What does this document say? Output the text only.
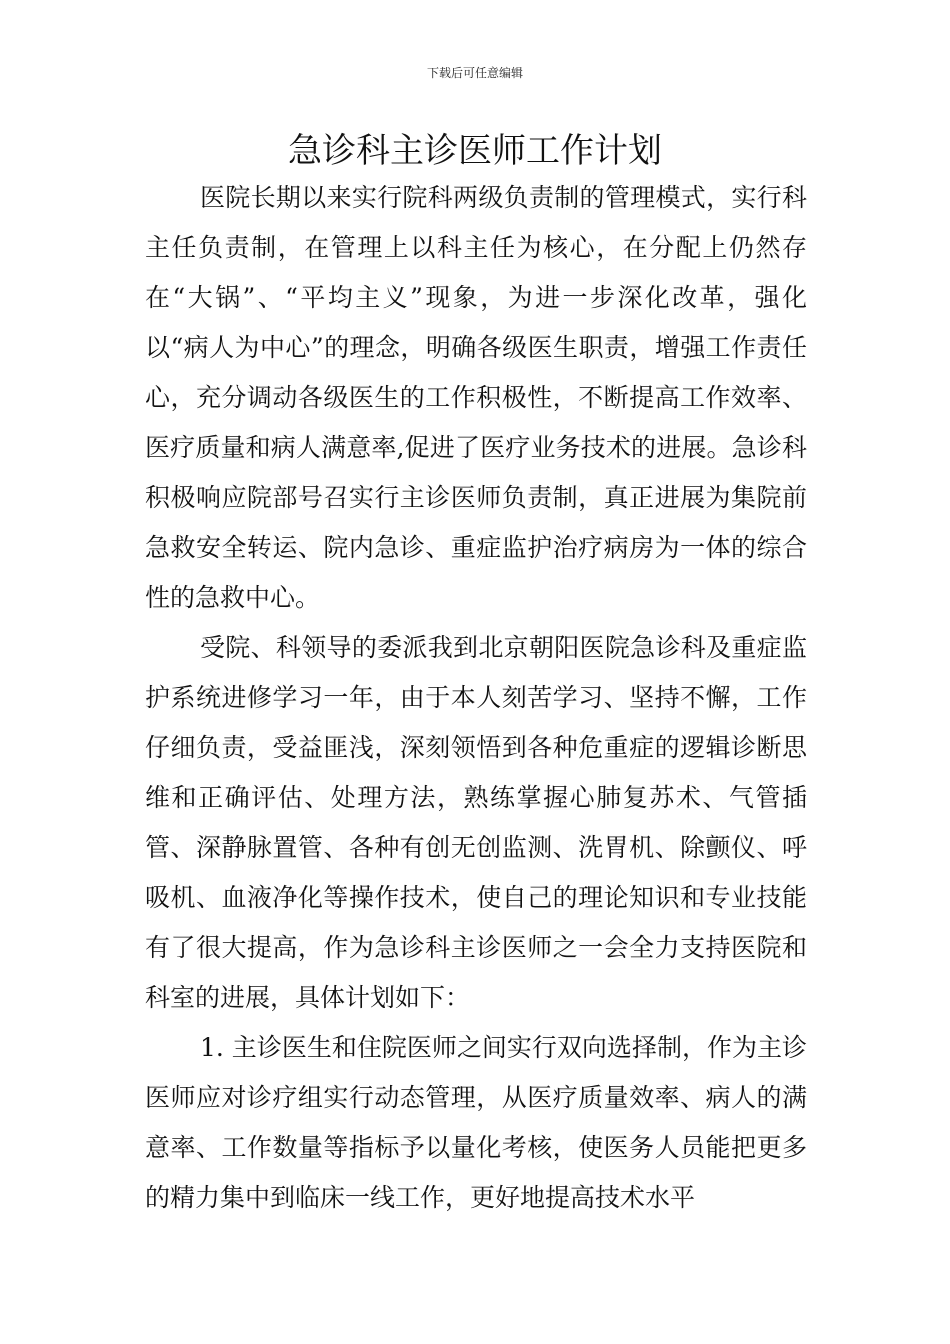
下载后可任意编辑
急诊科主诊医师工作计划

医院长期以来实行院科两级负责制的管理模式，实行科主任负责制，在管理上以科主任为核心，在分配上仍然存在“大锅”、“平均主义”现象，为进一步深化改革，强化以“病人为中心”的理念，明确各级医生职责，增强工作责任心，充分调动各级医生的工作积极性，不断提高工作效率、医疗质量和病人满意率,促进了医疗业务技术的进展。急诊科积极响应院部号召实行主诊医师负责制，真正进展为集院前急救安全转运、院内急诊、重症监护治疗病房为一体的综合性的急救中心。

受院、科领导的委派我到北京朝阳医院急诊科及重症监护系统进修学习一年，由于本人刻苦学习、坚持不懈，工作仔细负责，受益匪浅，深刻领悟到各种危重症的逻辑诊断思维和正确评估、处理方法，熟练掌握心肺复苏术、气管插管、深静脉置管、各种有创无创监测、洗胃机、除颤仪、呼吸机、血液净化等操作技术，使自己的理论知识和专业技能有了很大提高，作为急诊科主诊医师之一会全力支持医院和科室的进展，具体计划如下：

1. 主诊医生和住院医师之间实行双向选择制，作为主诊医师应对诊疗组实行动态管理，从医疗质量效率、病人的满意率、工作数量等指标予以量化考核，使医务人员能把更多的精力集中到临床一线工作，更好地提高技术水平
